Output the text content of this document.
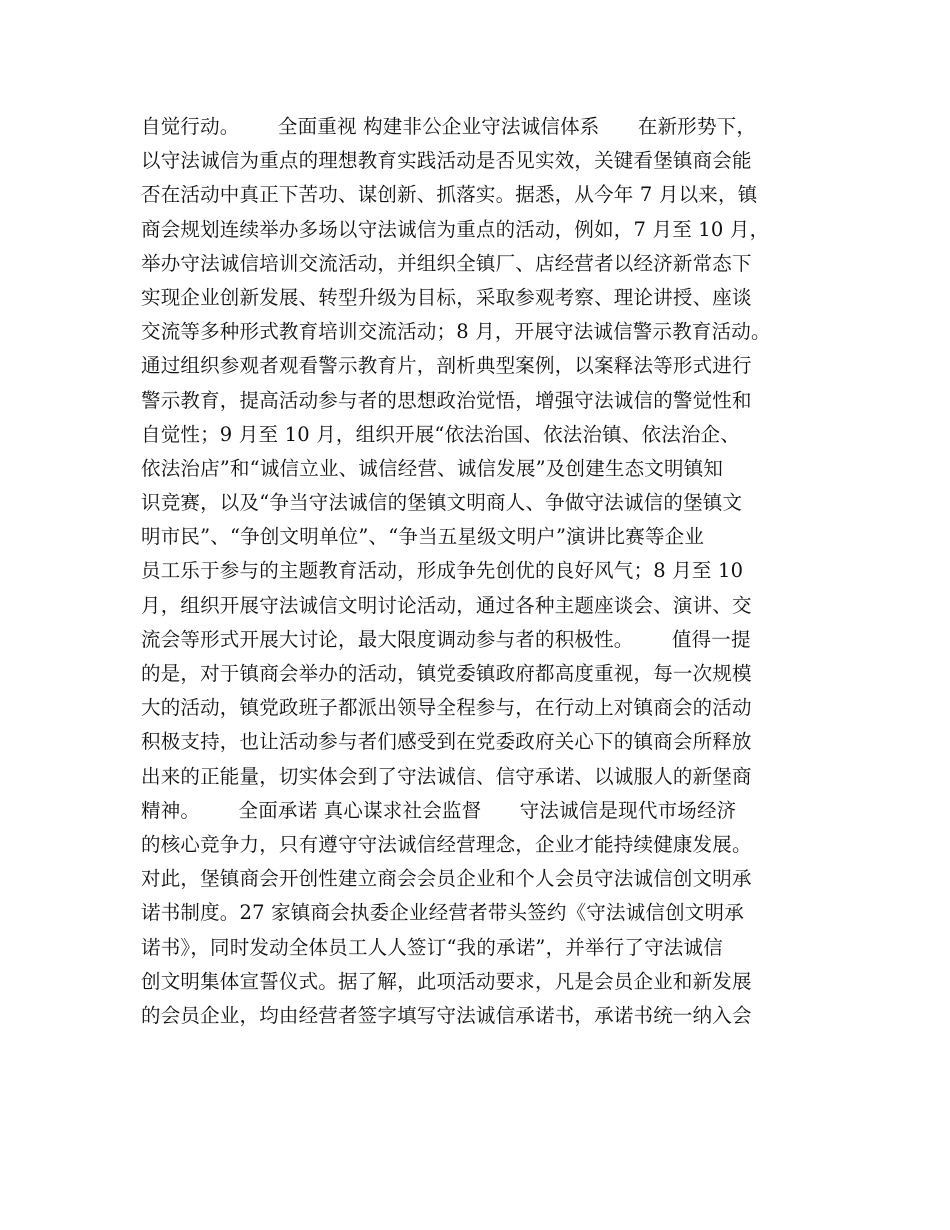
自觉行动。      全面重视 构建非公企业守法诚信体系      在新形势下，
以守法诚信为重点的理想教育实践活动是否见实效，关键看堡镇商会能
否在活动中真正下苦功、谋创新、抓落实。据悉，从今年 7 月以来，镇
商会规划连续举办多场以守法诚信为重点的活动，例如，7 月至 10 月，
举办守法诚信培训交流活动，并组织全镇厂、店经营者以经济新常态下
实现企业创新发展、转型升级为目标，采取参观考察、理论讲授、座谈
交流等多种形式教育培训交流活动；8 月，开展守法诚信警示教育活动。
通过组织参观者观看警示教育片，剖析典型案例，以案释法等形式进行
警示教育，提高活动参与者的思想政治觉悟，增强守法诚信的警觉性和
自觉性；9 月至 10 月，组织开展“依法治国、依法治镇、依法治企、
依法治店”和“诚信立业、诚信经营、诚信发展”及创建生态文明镇知
识竞赛，以及“争当守法诚信的堡镇文明商人、争做守法诚信的堡镇文
明市民”、“争创文明单位”、“争当五星级文明户”演讲比赛等企业
员工乐于参与的主题教育活动，形成争先创优的良好风气；8 月至 10
月，组织开展守法诚信文明讨论活动，通过各种主题座谈会、演讲、交
流会等形式开展大讨论，最大限度调动参与者的积极性。      值得一提
的是，对于镇商会举办的活动，镇党委镇政府都高度重视，每一次规模
大的活动，镇党政班子都派出领导全程参与，在行动上对镇商会的活动
积极支持，也让活动参与者们感受到在党委政府关心下的镇商会所释放
出来的正能量，切实体会到了守法诚信、信守承诺、以诚服人的新堡商
精神。      全面承诺 真心谋求社会监督      守法诚信是现代市场经济
的核心竞争力，只有遵守守法诚信经营理念，企业才能持续健康发展。
对此，堡镇商会开创性建立商会会员企业和个人会员守法诚信创文明承
诺书制度。27 家镇商会执委企业经营者带头签约《守法诚信创文明承
诺书》，同时发动全体员工人人签订“我的承诺”，并举行了守法诚信
创文明集体宣誓仪式。据了解，此项活动要求，凡是会员企业和新发展
的会员企业，均由经营者签字填写守法诚信承诺书，承诺书统一纳入会
